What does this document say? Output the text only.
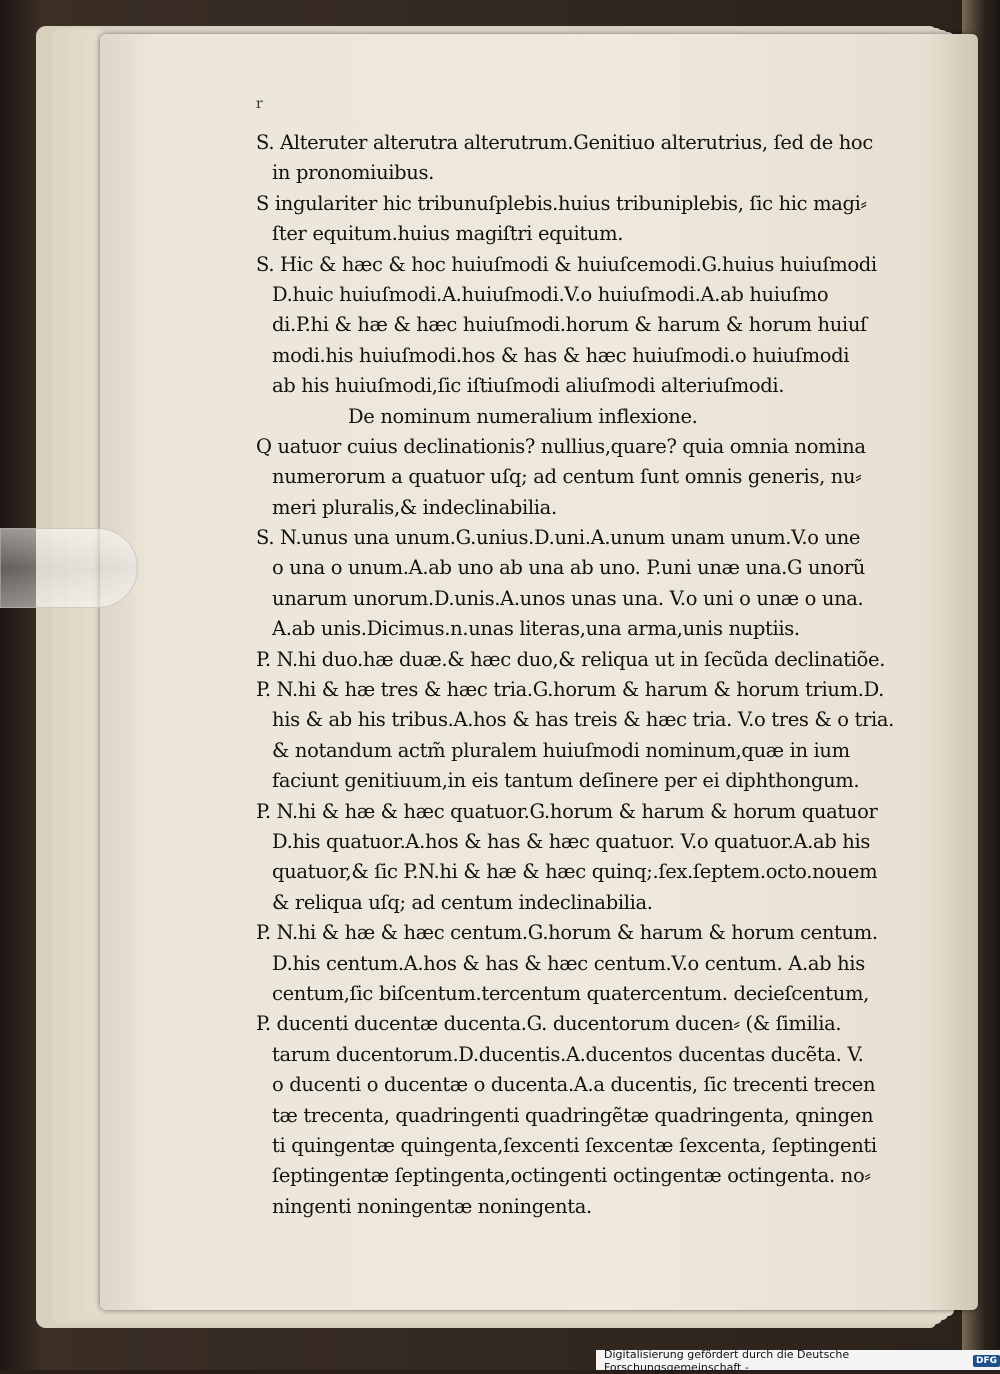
r
S. Alteruter alterutra alterutrum.Genitiuo alterutrius, ſed de hoc
in pronomiuibus.
S ingulariter hic tribunuſplebis.huius tribuniplebis, ſic hic magi⸗
ſter equitum.huius magiſtri equitum.
S. Hic & hæc & hoc huiuſmodi & huiuſcemodi.G.huius huiuſmodi
D.huic huiuſmodi.A.huiuſmodi.V.o huiuſmodi.A.ab huiuſmo
di.P.hi & hæ & hæc huiuſmodi.horum & harum & horum huiuſ
modi.his huiuſmodi.hos & has & hæc huiuſmodi.o huiuſmodi
ab his huiuſmodi,ſic iſtiuſmodi aliuſmodi alteriuſmodi.
De nominum numeralium inflexione.
Q uatuor cuius declinationis? nullius,quare? quia omnia nomina
numerorum a quatuor uſq; ad centum ſunt omnis generis, nu⸗
meri pluralis,& indeclinabilia.
S. N.unus una unum.G.unius.D.uni.A.unum unam unum.V.o une
o una o unum.A.ab uno ab una ab uno. P.uni unæ una.G unorũ
unarum unorum.D.unis.A.unos unas una. V.o uni o unæ o una.
A.ab unis.Dicimus.n.unas literas,una arma,unis nuptiis.
P. N.hi duo.hæ duæ.& hæc duo,& reliqua ut in ſecũda declinatiõe.
P. N.hi & hæ tres & hæc tria.G.horum & harum & horum trium.D.
his & ab his tribus.A.hos & has treis & hæc tria. V.o tres & o tria.
& notandum actm̃ pluralem huiuſmodi nominum,quæ in ium
faciunt genitiuum,in eis tantum deſinere per ei diphthongum.
P. N.hi & hæ & hæc quatuor.G.horum & harum & horum quatuor
D.his quatuor.A.hos & has & hæc quatuor. V.o quatuor.A.ab his
quatuor,& ſic P.N.hi & hæ & hæc quinq;.ſex.ſeptem.octo.nouem
& reliqua uſq; ad centum indeclinabilia.
P. N.hi & hæ & hæc centum.G.horum & harum & horum centum.
D.his centum.A.hos & has & hæc centum.V.o centum. A.ab his
centum,ſic biſcentum.tercentum quatercentum. decieſcentum,
P. ducenti ducentæ ducenta.G. ducentorum ducen⸗ (& ſimilia.
tarum ducentorum.D.ducentis.A.ducentos ducentas ducẽta. V.
o ducenti o ducentæ o ducenta.A.a ducentis, ſic trecenti trecen
tæ trecenta, quadringenti quadringẽtæ quadringenta, qningen
ti quingentæ quingenta,ſexcenti ſexcentæ ſexcenta, ſeptingenti
ſeptingentæ ſeptingenta,octingenti octingentæ octingenta. no⸗
ningenti noningentæ noningenta.
Digitalisierung gefördert durch die Deutsche Forschungsgemeinschaft -	DFG
